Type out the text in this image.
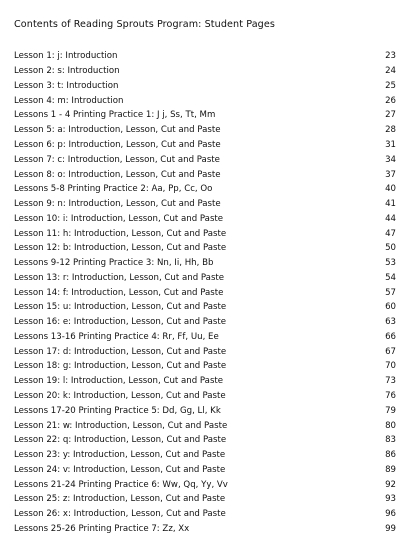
Contents of Reading Sprouts Program: Student Pages
Lesson 1: j: Introduction	23
Lesson 2: s: Introduction	24
Lesson 3: t: Introduction	25
Lesson 4: m: Introduction	26
Lessons 1 - 4 Printing Practice 1: J j, Ss, Tt, Mm	27
Lesson 5: a: Introduction, Lesson, Cut and Paste	28
Lesson 6: p: Introduction, Lesson, Cut and Paste	31
Lesson 7: c: Introduction, Lesson, Cut and Paste	34
Lesson 8: o: Introduction, Lesson, Cut and Paste	37
Lessons 5-8 Printing Practice 2: Aa, Pp, Cc, Oo	40
Lesson 9: n: Introduction, Lesson, Cut and Paste	41
Lesson 10: i: Introduction, Lesson, Cut and Paste	44
Lesson 11: h: Introduction, Lesson, Cut and Paste	47
Lesson 12: b: Introduction, Lesson, Cut and Paste	50
Lessons 9-12 Printing Practice 3: Nn, Ii, Hh, Bb	53
Lesson 13: r: Introduction, Lesson, Cut and Paste	54
Lesson 14: f: Introduction, Lesson, Cut and Paste	57
Lesson 15: u: Introduction, Lesson, Cut and Paste	60
Lesson 16: e: Introduction, Lesson, Cut and Paste	63
Lessons 13-16 Printing Practice 4: Rr, Ff, Uu, Ee	66
Lesson 17: d: Introduction, Lesson, Cut and Paste	67
Lesson 18: g: Introduction, Lesson, Cut and Paste	70
Lesson 19: l: Introduction, Lesson, Cut and Paste	73
Lesson 20: k: Introduction, Lesson, Cut and Paste	76
Lessons 17-20 Printing Practice 5: Dd, Gg, Ll, Kk	79
Lesson 21: w: Introduction, Lesson, Cut and Paste	80
Lesson 22: q: Introduction, Lesson, Cut and Paste	83
Lesson 23: y: Introduction, Lesson, Cut and Paste	86
Lesson 24: v: Introduction, Lesson, Cut and Paste	89
Lessons 21-24 Printing Practice 6: Ww, Qq, Yy, Vv	92
Lesson 25: z: Introduction, Lesson, Cut and Paste	93
Lesson 26: x: Introduction, Lesson, Cut and Paste	96
Lessons 25-26 Printing Practice 7: Zz, Xx	99
